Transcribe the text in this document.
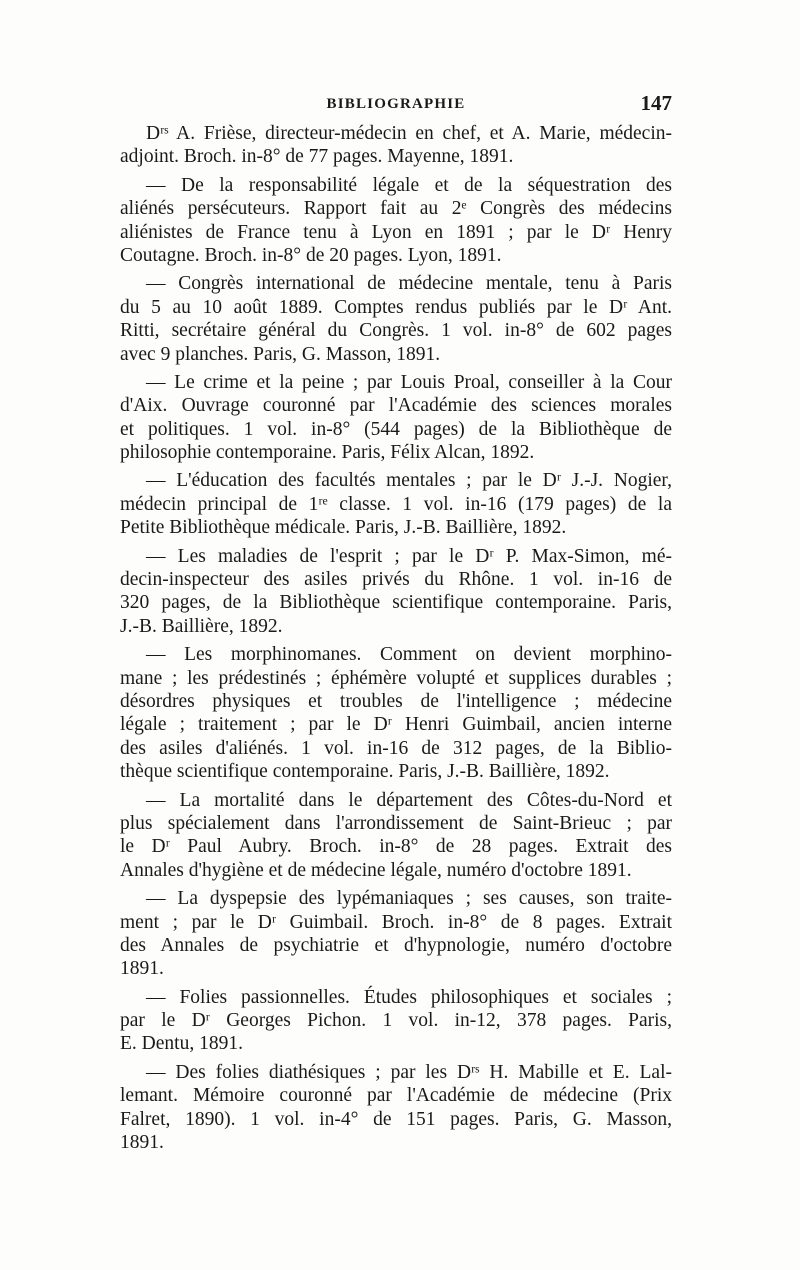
BIBLIOGRAPHIE	147
Dʳˢ A. Frièse, directeur-médecin en chef, et A. Marie, médecin-
adjoint. Broch. in-8° de 77 pages. Mayenne, 1891.
— De la responsabilité légale et de la séquestration des
aliénés persécuteurs. Rapport fait au 2ᵉ Congrès des médecins
aliénistes de France tenu à Lyon en 1891 ; par le Dʳ Henry
Coutagne. Broch. in-8° de 20 pages. Lyon, 1891.
— Congrès international de médecine mentale, tenu à Paris
du 5 au 10 août 1889. Comptes rendus publiés par le Dʳ Ant.
Ritti, secrétaire général du Congrès. 1 vol. in-8° de 602 pages
avec 9 planches. Paris, G. Masson, 1891.
— Le crime et la peine ; par Louis Proal, conseiller à la Cour
d'Aix. Ouvrage couronné par l'Académie des sciences morales
et politiques. 1 vol. in-8° (544 pages) de la Bibliothèque de
philosophie contemporaine. Paris, Félix Alcan, 1892.
— L'éducation des facultés mentales ; par le Dʳ J.-J. Nogier,
médecin principal de 1ʳᵉ classe. 1 vol. in-16 (179 pages) de la
Petite Bibliothèque médicale. Paris, J.-B. Baillière, 1892.
— Les maladies de l'esprit ; par le Dʳ P. Max-Simon, mé-
decin-inspecteur des asiles privés du Rhône. 1 vol. in-16 de
320 pages, de la Bibliothèque scientifique contemporaine. Paris,
J.-B. Baillière, 1892.
— Les morphinomanes. Comment on devient morphino-
mane ; les prédestinés ; éphémère volupté et supplices durables ;
désordres physiques et troubles de l'intelligence ; médecine
légale ; traitement ; par le Dʳ Henri Guimbail, ancien interne
des asiles d'aliénés. 1 vol. in-16 de 312 pages, de la Biblio-
thèque scientifique contemporaine. Paris, J.-B. Baillière, 1892.
— La mortalité dans le département des Côtes-du-Nord et
plus spécialement dans l'arrondissement de Saint-Brieuc ; par
le Dʳ Paul Aubry. Broch. in-8° de 28 pages. Extrait des
Annales d'hygiène et de médecine légale, numéro d'octobre 1891.
— La dyspepsie des lypémaniaques ; ses causes, son traite-
ment ; par le Dʳ Guimbail. Broch. in-8° de 8 pages. Extrait
des Annales de psychiatrie et d'hypnologie, numéro d'octobre
1891.
— Folies passionnelles. Études philosophiques et sociales ;
par le Dʳ Georges Pichon. 1 vol. in-12, 378 pages. Paris,
E. Dentu, 1891.
— Des folies diathésiques ; par les Dʳˢ H. Mabille et E. Lal-
lemant. Mémoire couronné par l'Académie de médecine (Prix
Falret, 1890). 1 vol. in-4° de 151 pages. Paris, G. Masson,
1891.
